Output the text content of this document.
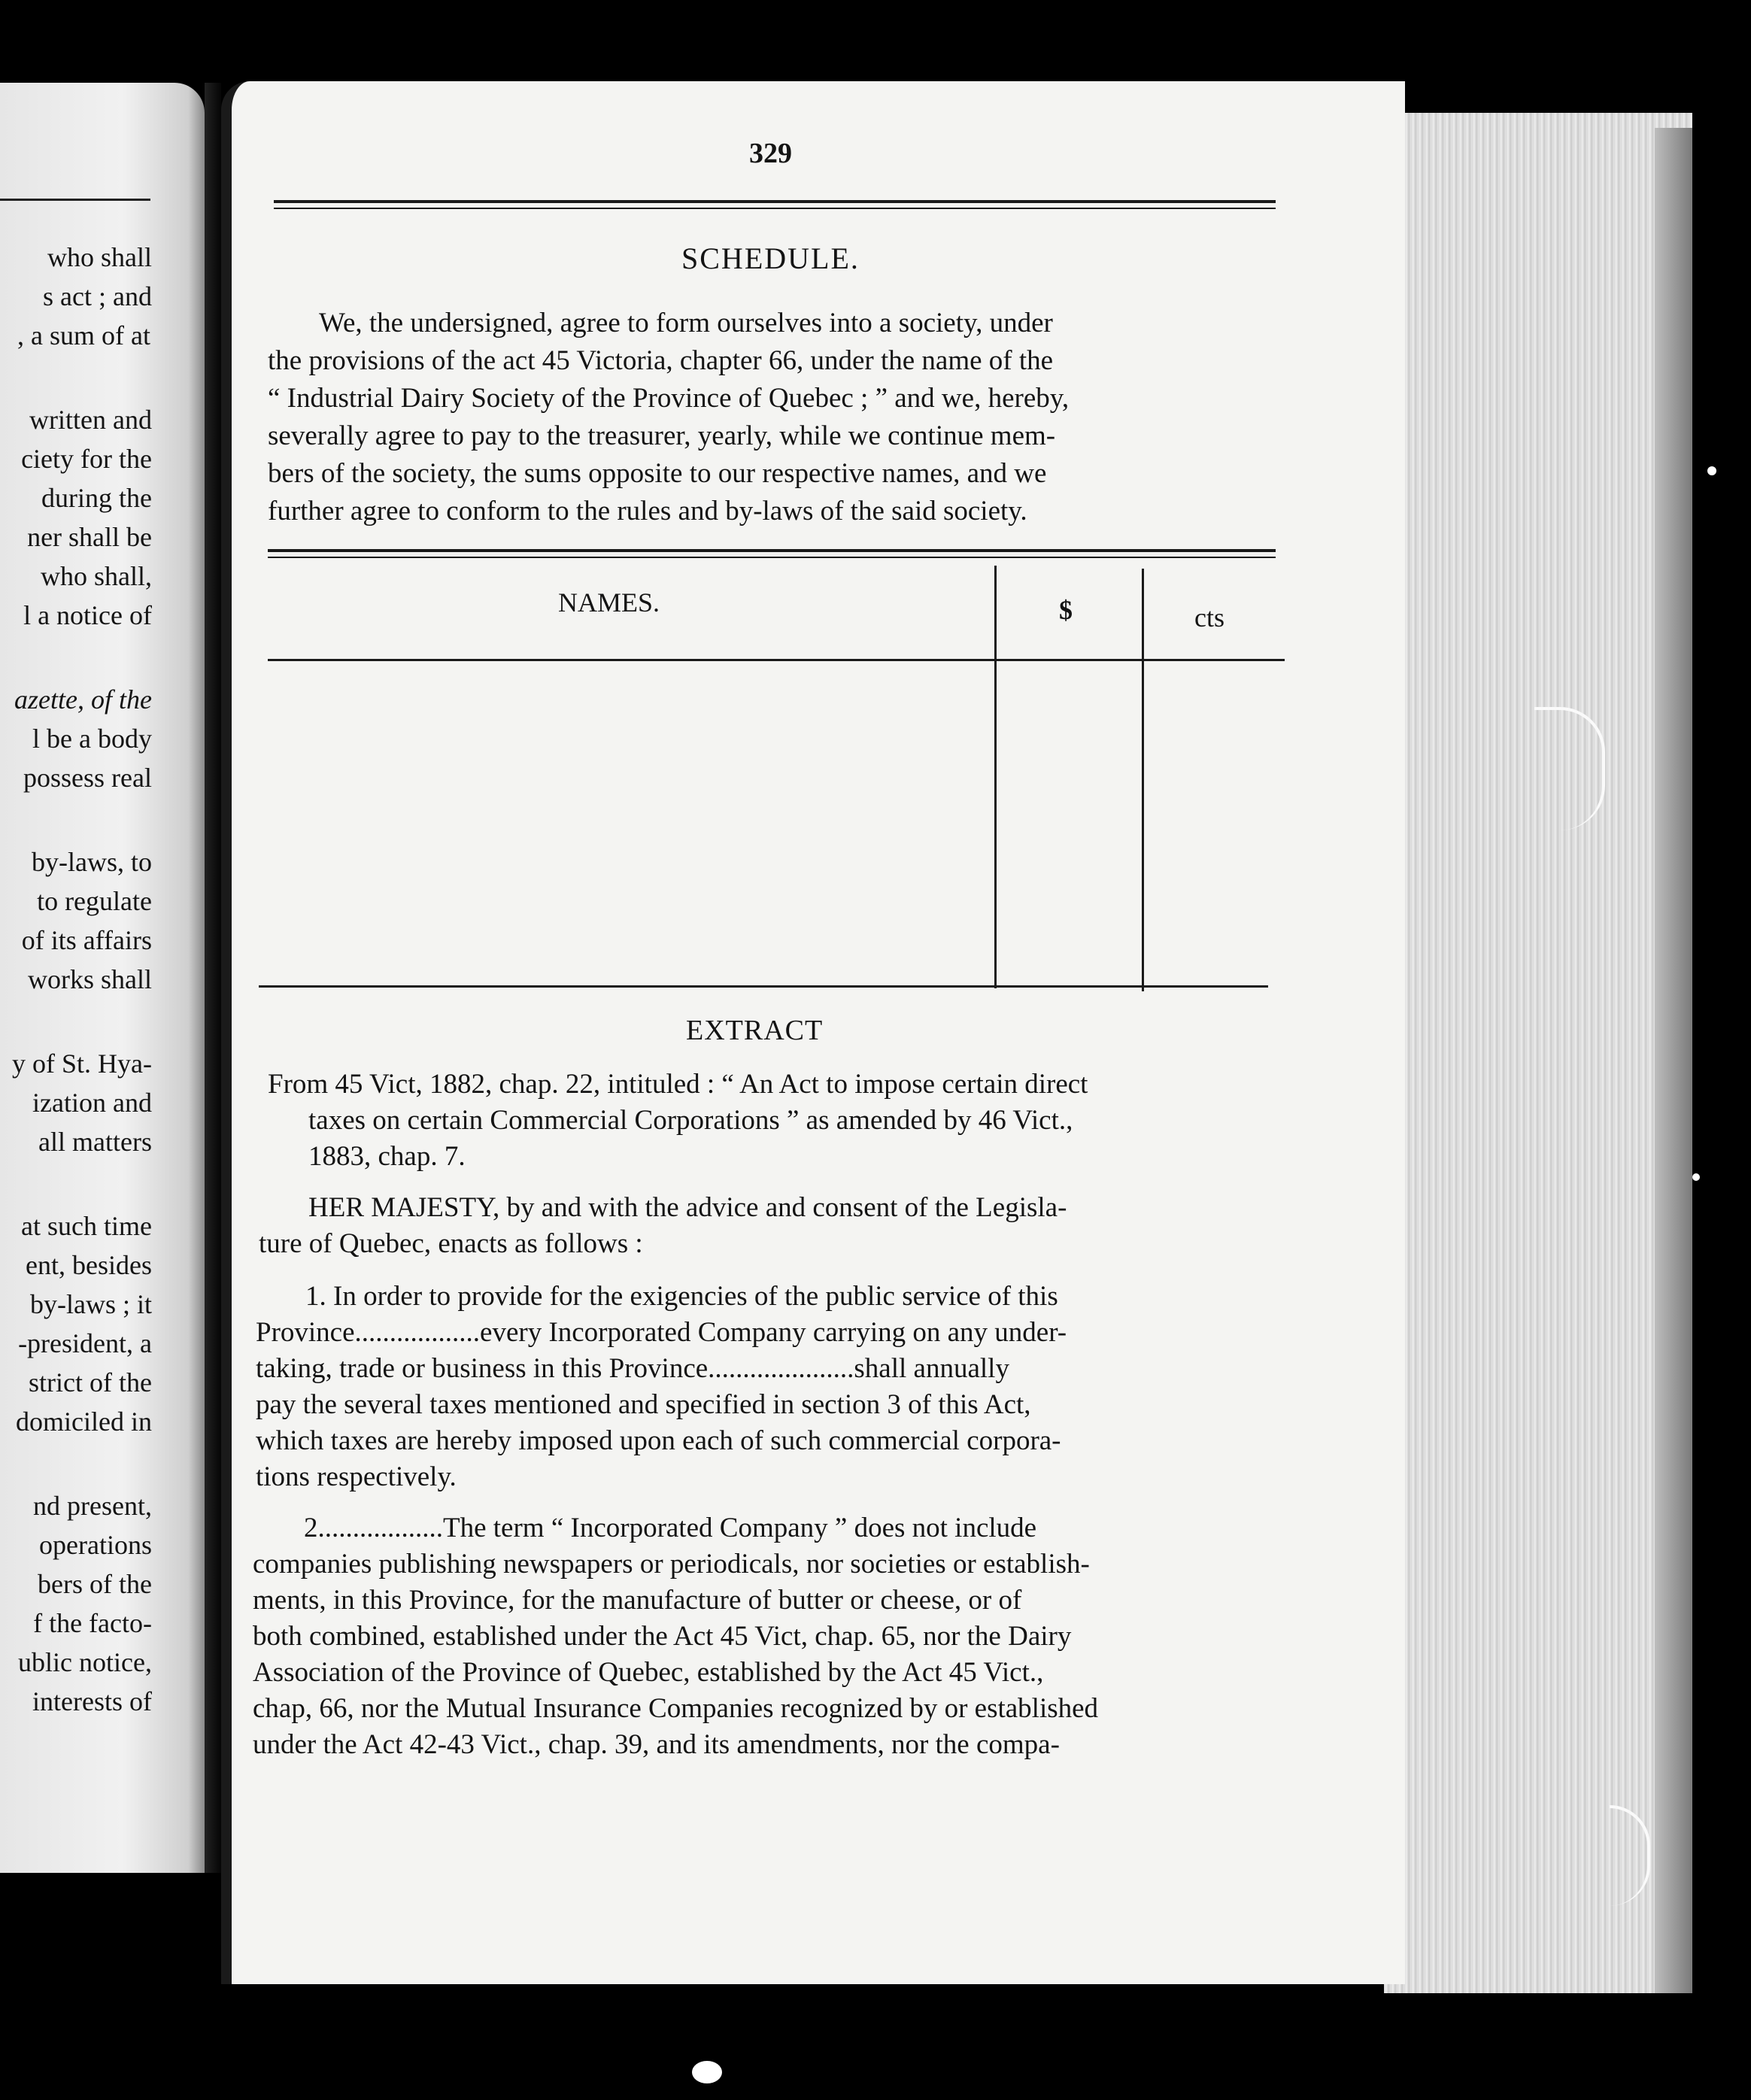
who shall
s act ; and
, a sum of at
written and
ciety for the
during the
ner shall be
who shall,
l a notice of
azette, of the
l be a body
possess real
by-laws, to
to regulate
of its affairs
works shall
y of St. Hya-
ization and
all matters
at such time
ent, besides
by-laws ; it
-president, a
strict of the
domiciled in
nd present,
operations
bers of the
f the facto-
ublic notice,
interests of
329
SCHEDULE.
We, the undersigned, agree to form ourselves into a society, under
the provisions of the act 45 Victoria, chapter 66, under the name of the
“ Industrial Dairy Society of the Province of Quebec ; ” and we, hereby,
severally agree to pay to the treasurer, yearly, while we continue mem-
bers of the society, the sums opposite to our respective names, and we
further agree to conform to the rules and by-laws of the said society.
NAMES.	$	cts
EXTRACT
From 45 Vict, 1882, chap. 22, intituled : “ An Act to impose certain direct
taxes on certain Commercial Corporations ” as amended by 46 Vict.,
1883, chap. 7.
HER MAJESTY, by and with the advice and consent of the Legisla-
ture of Quebec, enacts as follows :
1. In order to provide for the exigencies of the public service of this
Province..................every Incorporated Company carrying on any under-
taking, trade or business in this Province.....................shall annually
pay the several taxes mentioned and specified in section 3 of this Act,
which taxes are hereby imposed upon each of such commercial corpora-
tions respectively.
2..................The term “ Incorporated Company ” does not include
companies publishing newspapers or periodicals, nor societies or establish-
ments, in this Province, for the manufacture of butter or cheese, or of
both combined, established under the Act 45 Vict, chap. 65, nor the Dairy
Association of the Province of Quebec, established by the Act 45 Vict.,
chap, 66, nor the Mutual Insurance Companies recognized by or established
under the Act 42-43 Vict., chap. 39, and its amendments, nor the compa-
